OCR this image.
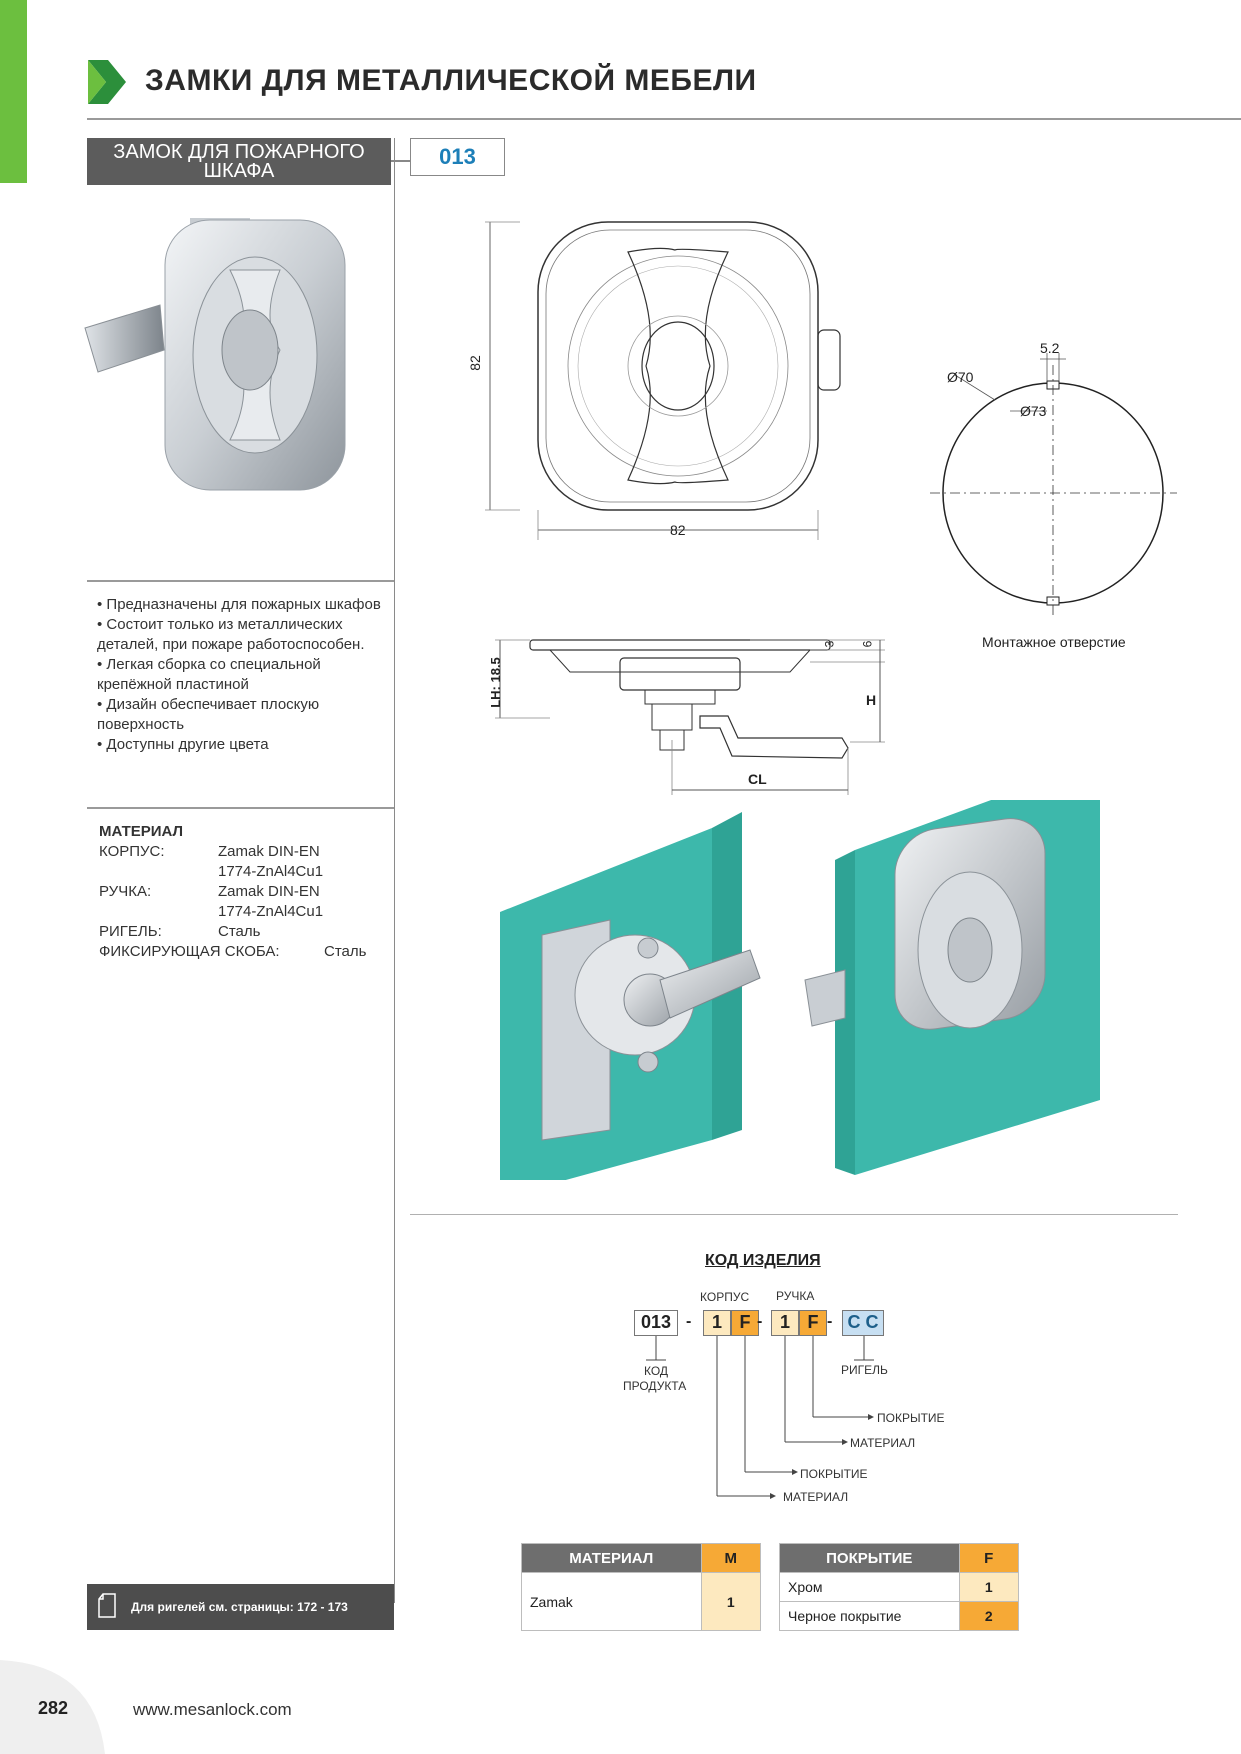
ЗАМКИ ДЛЯ МЕТАЛЛИЧЕСКОЙ МЕБЕЛИ
ЗАМОК ДЛЯ ПОЖАРНОГО ШКАФА
013
• Предназначены для пожарных шкафов
• Состоит только из металлических деталей, при пожаре работоспособен.
• Легкая сборка со специальной крепёжной пластиной
• Дизайн обеспечивает плоскую поверхность
• Доступны другие цвета
МАТЕРИАЛ
КОРПУС:	Zamak DIN-EN
1774-ZnAl4Cu1
РУЧКА:	Zamak DIN-EN
1774-ZnAl4Cu1
РИГЕЛЬ:	Сталь
ФИКСИРУЮЩАЯ СКОБА:	Сталь
Для ригелей см. страницы: 172 - 173
82
82
5.2
Ø70
Ø73
Монтажное отверстие
LH: 18.5
3 6
H
CL
КОД ИЗДЕЛИЯ
КОРПУС РУЧКА
013 -	1 F - 1 F - C C
КОД
ПРОДУКТА
РИГЕЛЬ
ПОКРЫТИЕ
МАТЕРИАЛ
ПОКРЫТИЕ
МАТЕРИАЛ
МАТЕРИАЛ	M
Zamak	1
ПОКРЫТИЕ	F
Хром	1
Черное покрытие	2
282	www.mesanlock.com
